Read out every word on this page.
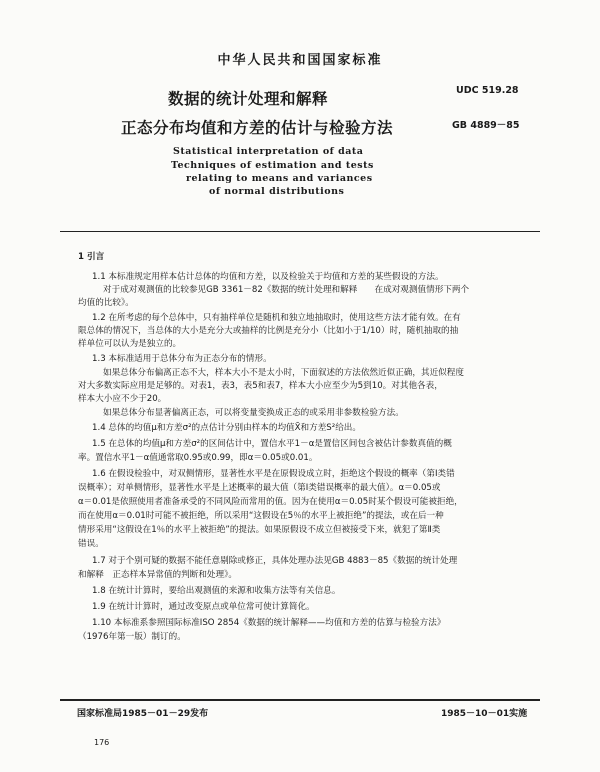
中华人民共和国国家标准
数据的统计处理和解释
正态分布均值和方差的估计与检验方法
UDC 519.28
GB 4889－85
Statistical interpretation of data
Techniques of estimation and tests
relating to means and variances
of normal distributions
1 引言
1.1 本标准规定用样本估计总体的均值和方差，以及检验关于均值和方差的某些假设的方法。
对于成对观测值的比较参见GB 3361－82《数据的统计处理和解释　　在成对观测值情形下两个
均值的比较》。
1.2 在所考虑的每个总体中，只有抽样单位是随机和独立地抽取时，使用这些方法才能有效。在有
限总体的情况下，当总体的大小是充分大或抽样的比例是充分小（比如小于1/10）时，随机抽取的抽
样单位可以认为是独立的。
1.3 本标准适用于总体分布为正态分布的情形。
如果总体分布偏离正态不大，样本大小不是太小时，下面叙述的方法依然近似正确，其近似程度
对大多数实际应用是足够的。对表1，表3，表5和表7，样本大小应至少为5到10。对其他各表，
样本大小应不少于20。
如果总体分布显著偏离正态，可以将变量变换成正态的或采用非参数检验方法。
1.4 总体的均值μ和方差σ²的点估计分别由样本的均值X̄和方差S²给出。
1.5 在总体的均值μ和方差σ²的区间估计中，置信水平1－α是置信区间包含被估计参数真值的概
率。置信水平1－α值通常取0.95或0.99，即α＝0.05或0.01。
1.6 在假设检验中，对双侧情形，显著性水平是在原假设成立时，拒绝这个假设的概率（第Ⅰ类错
误概率）；对单侧情形，显著性水平是上述概率的最大值（第Ⅰ类错误概率的最大值）。α＝0.05或
α＝0.01是依照使用者准备承受的不同风险而常用的值。因为在使用α＝0.05时某个假设可能被拒绝，
而在使用α＝0.01时可能不被拒绝，所以采用“这假设在5％的水平上被拒绝”的提法，或在后一种
情形采用“这假设在1％的水平上被拒绝”的提法。如果原假设不成立但被接受下来，就犯了第Ⅱ类
错误。
1.7 对于个别可疑的数据不能任意剔除或修正，具体处理办法见GB 4883－85《数据的统计处理
和解释　正态样本异常值的判断和处理》。
1.8 在统计计算时，要给出观测值的来源和收集方法等有关信息。
1.9 在统计计算时，通过改变原点或单位常可使计算简化。
1.10 本标准系参照国际标准ISO 2854《数据的统计解释——均值和方差的估算与检验方法》
（1976年第一版）制订的。
国家标准局1985－01－29发布	1985－10－01实施
176
